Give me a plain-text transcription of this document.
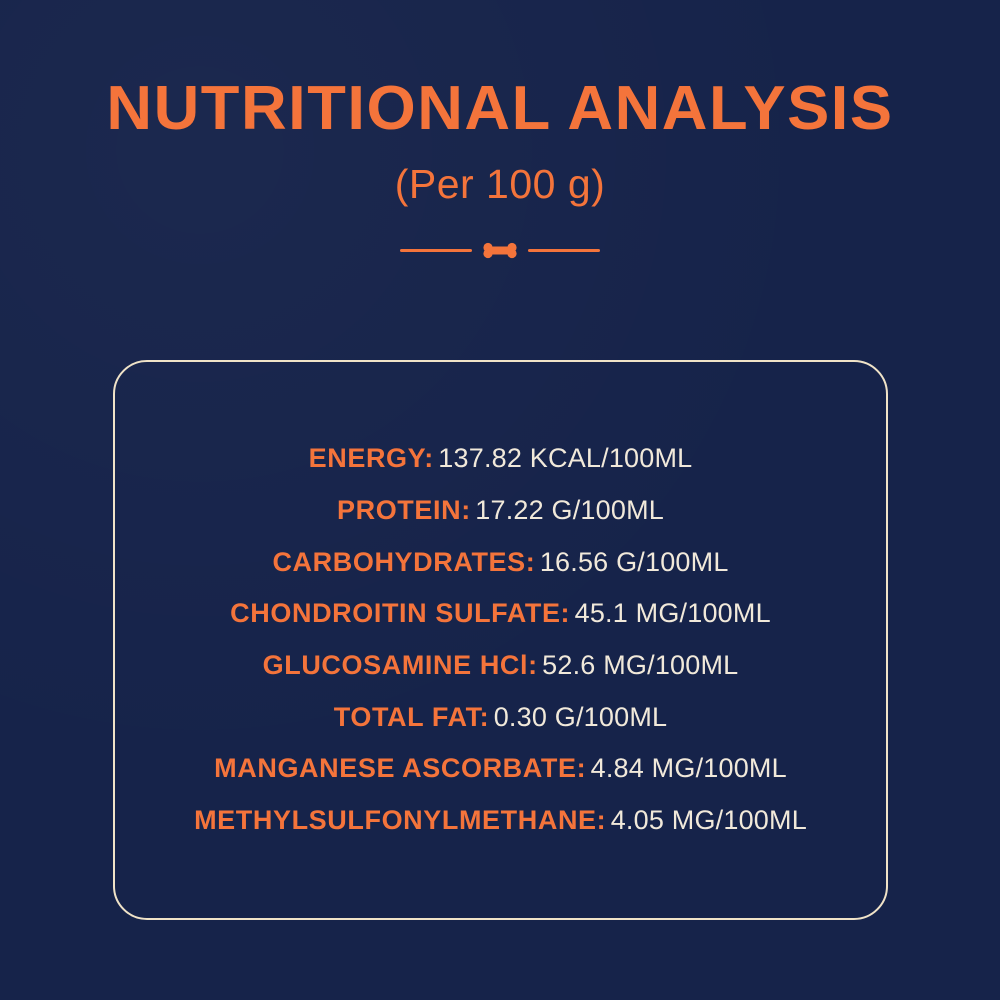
NUTRITIONAL ANALYSIS

(Per 100 g)

ENERGY: 137.82 KCAL/100ML

PROTEIN: 17.22 G/100ML

CARBOHYDRATES: 16.56 G/100ML

CHONDROITIN SULFATE: 45.1 MG/100ML

GLUCOSAMINE HCl: 52.6 MG/100ML

TOTAL FAT: 0.30 G/100ML

MANGANESE ASCORBATE: 4.84 MG/100ML

METHYLSULFONYLMETHANE: 4.05 MG/100ML
